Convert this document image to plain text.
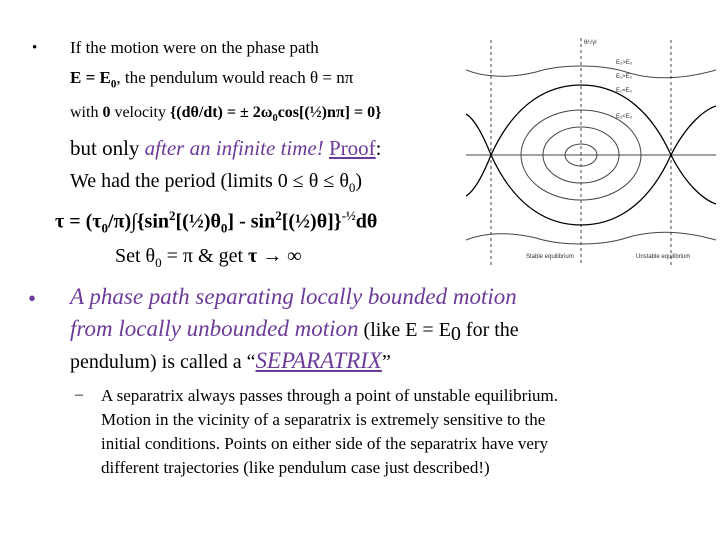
• If the motion were on the phase path
$E = E_0$, the pendulum would reach θ = nπ
with 0 velocity {(dθ/dt) = ± $2\omega_0\cos[(\frac{1}{2})n\pi] = 0$}
but only after an infinite time! Proof:
We had the period (limits $0 \le \theta \le \theta_0$)
$\tau = (\tau_0/\pi)\int\{\sin^2[(\frac{1}{2})\theta_0]$ - $\sin^2[(\frac{1}{2})\theta]\}^{-\frac{1}{2}}d\theta$
Set $\theta_0 = \pi$ & get τ → ∞
• A phase path separating locally bounded motion
from locally unbounded motion (like $E = E_0$ for the
pendulum) is called a “SEPARATRIX”
– A separatrix always passes through a point of unstable equilibrium.
Motion in the vicinity of a separatrix is extremely sensitive to the
initial conditions. Points on either side of the separatrix have very
different trajectories (like pendulum case just described!)
θ/√γl
E₂>E₀
E₁>E₀
E₁=E₀
E₂<E₀
Stable equilibrium	Unstable equilibrium
